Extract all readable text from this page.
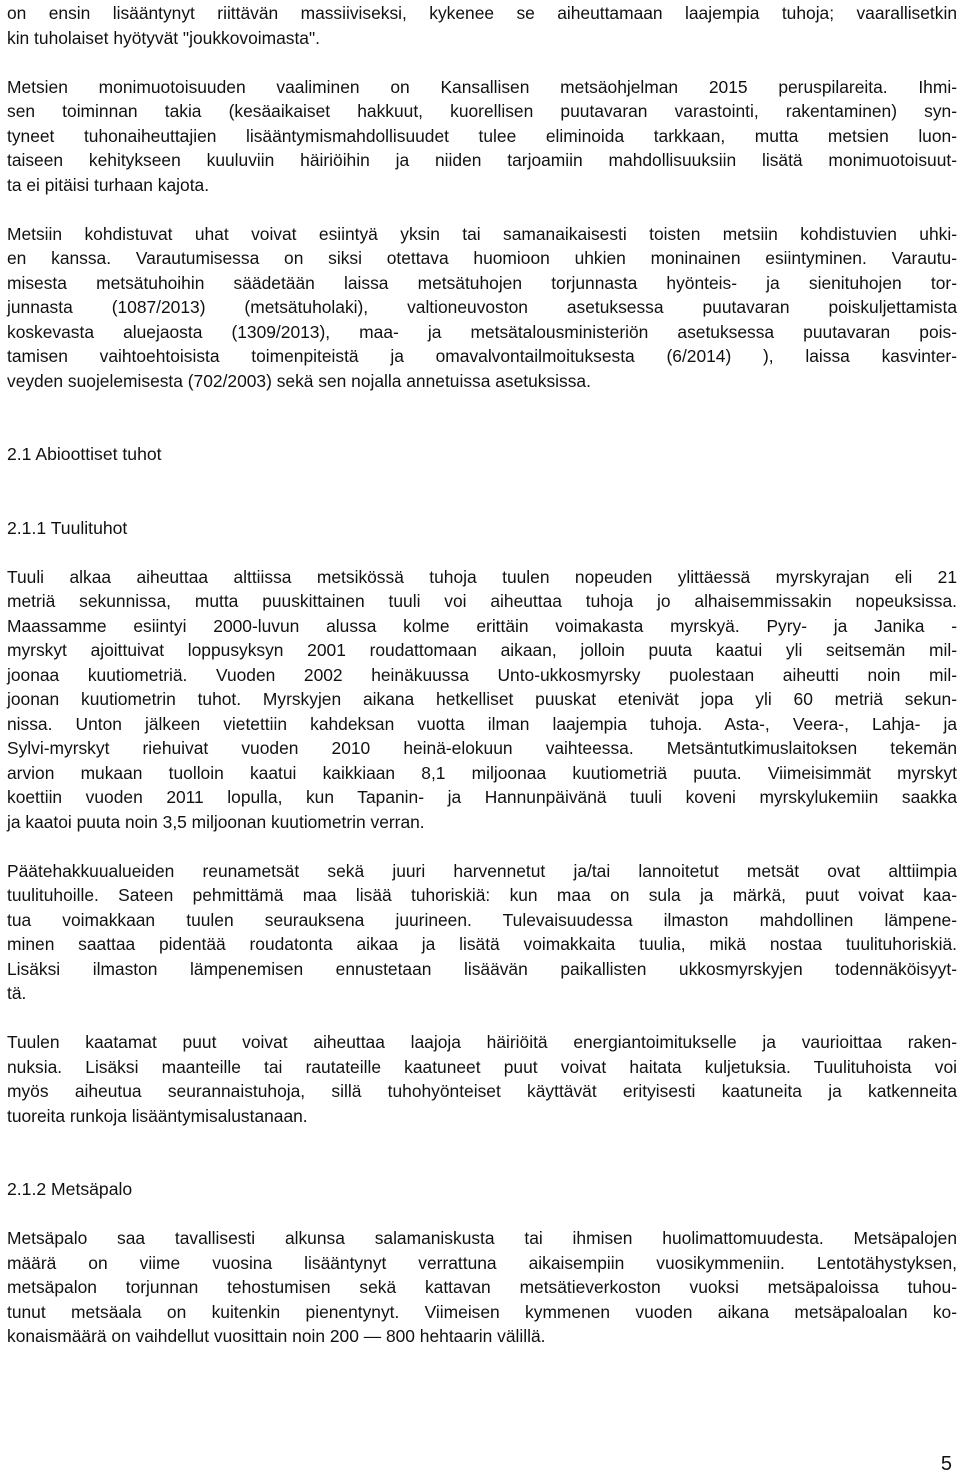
on ensin lisääntynyt riittävän massiiviseksi, kykenee se aiheuttamaan laajempia tuhoja; vaarallisetkin
kin tuholaiset hyötyvät "joukkovoimasta".
Metsien monimuotoisuuden vaaliminen on Kansallisen metsäohjelman 2015 peruspilareita. Ihmi-
sen toiminnan takia (kesäaikaiset hakkuut, kuorellisen puutavaran varastointi, rakentaminen) syn-
tyneet tuhonaiheuttajien lisääntymismahdollisuudet tulee eliminoida tarkkaan, mutta metsien luon-
taiseen kehitykseen kuuluviin häiriöihin ja niiden tarjoamiin mahdollisuuksiin lisätä monimuotoisuut-
ta ei pitäisi turhaan kajota.
Metsiin kohdistuvat uhat voivat esiintyä yksin tai samanaikaisesti toisten metsiin kohdistuvien uhki-
en kanssa. Varautumisessa on siksi otettava huomioon uhkien moninainen esiintyminen. Varautu-
misesta metsätuhoihin säädetään laissa metsätuhojen torjunnasta hyönteis- ja sienituhojen tor-
junnasta (1087/2013) (metsätuholaki), valtioneuvoston asetuksessa puutavaran poiskuljettamista
koskevasta aluejaosta (1309/2013), maa- ja metsätalousministeriön asetuksessa puutavaran pois-
tamisen vaihtoehtoisista toimenpiteistä ja omavalvontailmoituksesta (6/2014) ), laissa kasvinter-
veyden suojelemisesta (702/2003) sekä sen nojalla annetuissa asetuksissa.
2.1 Abioottiset tuhot
2.1.1 Tuulituhot
Tuuli alkaa aiheuttaa alttiissa metsikössä tuhoja tuulen nopeuden ylittäessä myrskyrajan eli 21
metriä sekunnissa, mutta puuskittainen tuuli voi aiheuttaa tuhoja jo alhaisemmissakin nopeuksissa.
Maassamme esiintyi 2000-luvun alussa kolme erittäin voimakasta myrskyä. Pyry- ja Janika -
myrskyt ajoittuivat loppusyksyn 2001 roudattomaan aikaan, jolloin puuta kaatui yli seitsemän mil-
joonaa kuutiometriä. Vuoden 2002 heinäkuussa Unto-ukkosmyrsky puolestaan aiheutti noin mil-
joonan kuutiometrin tuhot. Myrskyjen aikana hetkelliset puuskat etenivät jopa yli 60 metriä sekun-
nissa. Unton jälkeen vietettiin kahdeksan vuotta ilman laajempia tuhoja. Asta-, Veera-, Lahja- ja
Sylvi-myrskyt riehuivat vuoden 2010 heinä-elokuun vaihteessa. Metsäntutkimuslaitoksen tekemän
arvion mukaan tuolloin kaatui kaikkiaan 8,1 miljoonaa kuutiometriä puuta. Viimeisimmät myrskyt
koettiin vuoden 2011 lopulla, kun Tapanin- ja Hannunpäivänä tuuli koveni myrskylukemiin saakka
ja kaatoi puuta noin 3,5 miljoonan kuutiometrin verran.
Päätehakkuualueiden reunametsät sekä juuri harvennetut ja/tai lannoitetut metsät ovat alttiimpia
tuulituhoille. Sateen pehmittämä maa lisää tuhoriskiä: kun maa on sula ja märkä, puut voivat kaa-
tua voimakkaan tuulen seurauksena juurineen. Tulevaisuudessa ilmaston mahdollinen lämpene-
minen saattaa pidentää roudatonta aikaa ja lisätä voimakkaita tuulia, mikä nostaa tuulituhoriskiä.
Lisäksi ilmaston lämpenemisen ennustetaan lisäävän paikallisten ukkosmyrskyjen todennäköisyyt-
tä.
Tuulen kaatamat puut voivat aiheuttaa laajoja häiriöitä energiantoimitukselle ja vaurioittaa raken-
nuksia. Lisäksi maanteille tai rautateille kaatuneet puut voivat haitata kuljetuksia. Tuulituhoista voi
myös aiheutua seurannaistuhoja, sillä tuhohyönteiset käyttävät erityisesti kaatuneita ja katkenneita
tuoreita runkoja lisääntymisalustanaan.
2.1.2 Metsäpalo
Metsäpalo saa tavallisesti alkunsa salamaniskusta tai ihmisen huolimattomuudesta. Metsäpalojen
määrä on viime vuosina lisääntynyt verrattuna aikaisempiin vuosikymmeniin. Lentotähystyksen,
metsäpalon torjunnan tehostumisen sekä kattavan metsätieverkoston vuoksi metsäpaloissa tuhou-
tunut metsäala on kuitenkin pienentynyt. Viimeisen kymmenen vuoden aikana metsäpaloalan ko-
konaismäärä on vaihdellut vuosittain noin 200 — 800 hehtaarin välillä.
5
